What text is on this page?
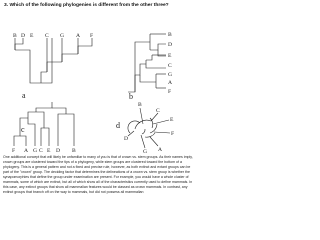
3. Which of the following phylogenies is different from the other three?
B D E C G A F
a
B
D
E
C
G
A
F
b
F A G C E D B
c
B
D
C
E
F
A
G
d
One additional concept that will likely be unfamiliar to many of you is that of crown vs. stem groups. As their names imply, crown groups are clustered toward the tips of a phylogeny, while stem groups are clustered toward the bottom of a phylogeny. This is a general pattern and not a fixed and precise rule, however, as both extinct and extant groups can be part of the "crown" group. The deciding factor that determines the delineations of a crown vs. stem group is whether the synapomorphies that define the group under examination are present. For example, you would have a whole cluster of mammals, some of which are extinct, but all of which show all of the characteristics currently used to define mammals. In this case, any extinct groups that show all mammalian features would be classed as crown mammals. In contrast, any extinct groups that branch off on the way to mammals, but did not possess all mammalian
